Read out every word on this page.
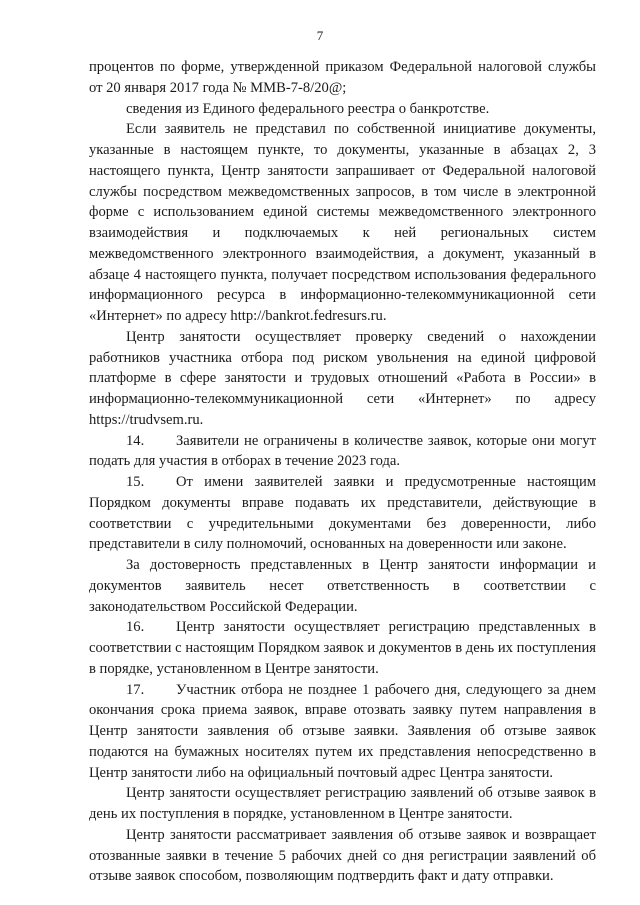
7

процентов по форме, утвержденной приказом Федеральной налоговой службы от 20 января 2017 года № ММВ-7-8/20@;

сведения из Единого федерального реестра о банкротстве.

Если заявитель не представил по собственной инициативе документы, указанные в настоящем пункте, то документы, указанные в абзацах 2, 3 настоящего пункта, Центр занятости запрашивает от Федеральной налоговой службы посредством межведомственных запросов, в том числе в электронной форме с использованием единой системы межведомственного электронного взаимодействия и подключаемых к ней региональных систем межведомственного электронного взаимодействия, а документ, указанный в абзаце 4 настоящего пункта, получает посредством использования федерального информационного ресурса в информационно-телекоммуникационной сети «Интернет» по адресу http://bankrot.fedresurs.ru.

Центр занятости осуществляет проверку сведений о нахождении работников участника отбора под риском увольнения на единой цифровой платформе в сфере занятости и трудовых отношений «Работа в России» в информационно-телекоммуникационной сети «Интернет» по адресу https://trudvsem.ru.

14. Заявители не ограничены в количестве заявок, которые они могут подать для участия в отборах в течение 2023 года.

15. От имени заявителей заявки и предусмотренные настоящим Порядком документы вправе подавать их представители, действующие в соответствии с учредительными документами без доверенности, либо представители в силу полномочий, основанных на доверенности или законе.

За достоверность представленных в Центр занятости информации и документов заявитель несет ответственность в соответствии с законодательством Российской Федерации.

16. Центр занятости осуществляет регистрацию представленных в соответствии с настоящим Порядком заявок и документов в день их поступления в порядке, установленном в Центре занятости.

17. Участник отбора не позднее 1 рабочего дня, следующего за днем окончания срока приема заявок, вправе отозвать заявку путем направления в Центр занятости заявления об отзыве заявки. Заявления об отзыве заявок подаются на бумажных носителях путем их представления непосредственно в Центр занятости либо на официальный почтовый адрес Центра занятости.

Центр занятости осуществляет регистрацию заявлений об отзыве заявок в день их поступления в порядке, установленном в Центре занятости.

Центр занятости рассматривает заявления об отзыве заявок и возвращает отозванные заявки в течение 5 рабочих дней со дня регистрации заявлений об отзыве заявок способом, позволяющим подтвердить факт и дату отправки.
